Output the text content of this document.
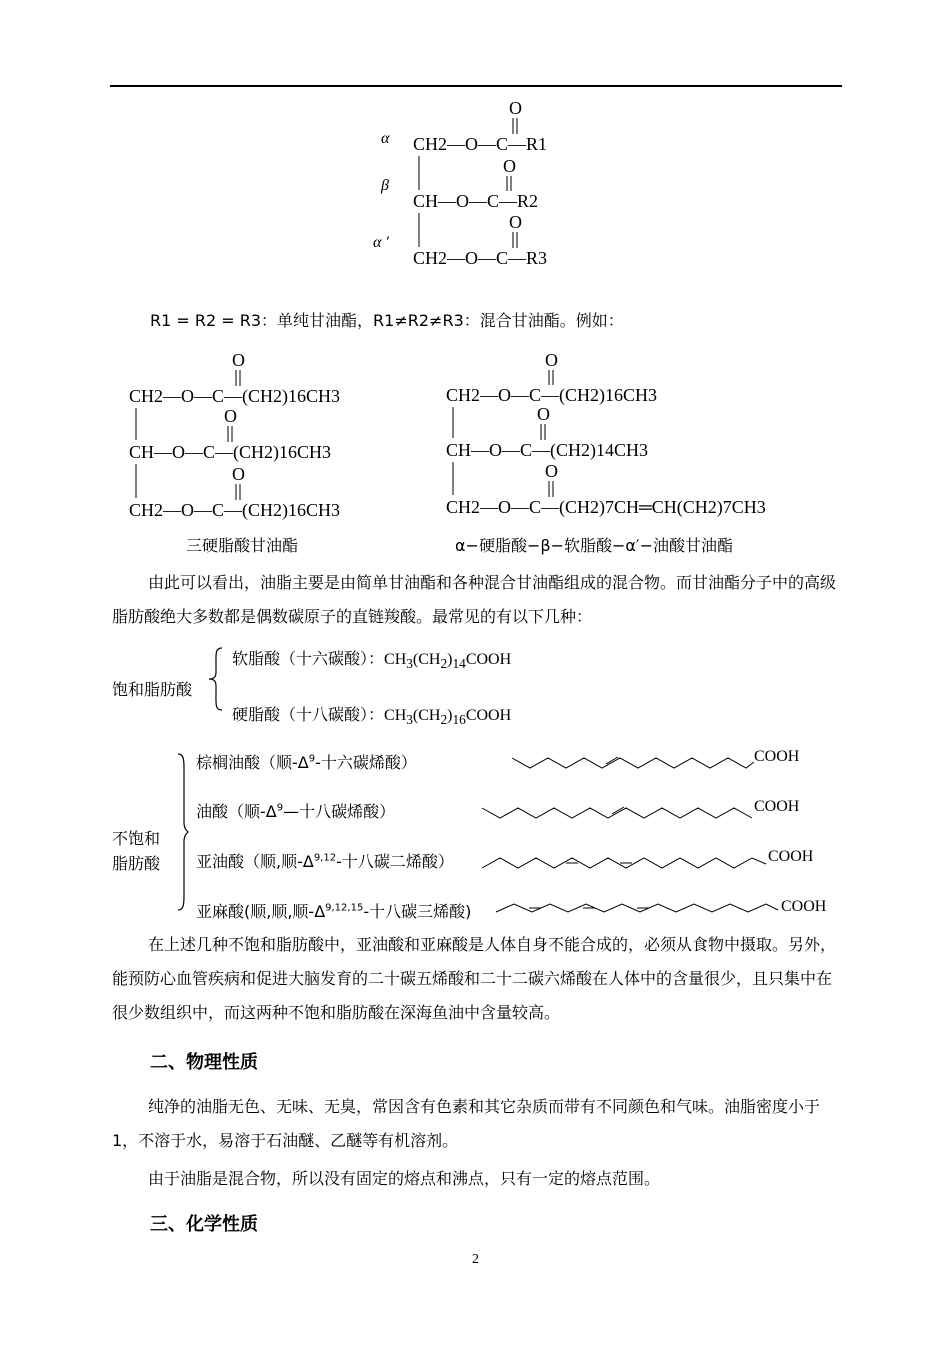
α
β
α ′
O
O
O
CH2—O—C—R1
CH—O—C—R2
CH2—O—C—R3
R1 = R2 = R3：单纯甘油酯，R1≠R2≠R3：混合甘油酯。例如：
O
O
O
CH2—O—C—(CH2)16CH3
CH—O—C—(CH2)16CH3
CH2—O—C—(CH2)16CH3
三硬脂酸甘油酯
O
O
O
CH2—O—C—(CH2)16CH3
CH—O—C—(CH2)14CH3
CH2—O—C—(CH2)7CH═CH(CH2)7CH3
α−硬脂酸−β−软脂酸−α′−油酸甘油酯
由此可以看出，油脂主要是由简单甘油酯和各种混合甘油酯组成的混合物。而甘油酯分子中的高级脂肪酸绝大多数都是偶数碳原子的直链羧酸。最常见的有以下几种：
饱和脂肪酸
软脂酸（十六碳酸）：$CH_3(CH_2)_{14}COOH$
硬脂酸（十八碳酸）：$CH_3(CH_2)_{16}COOH$
不饱和
脂肪酸
棕榈油酸（顺$-\Delta^9-$十六碳烯酸）
油酸（顺$-\Delta^9—$十八碳烯酸）
亚油酸（顺,顺$-\Delta^{9,12}-$十八碳二烯酸）
亚麻酸(顺,顺,顺$-\Delta^{9,12,15}-$十八碳三烯酸)
COOH
COOH
COOH
COOH
在上述几种不饱和脂肪酸中，亚油酸和亚麻酸是人体自身不能合成的，必须从食物中摄取。另外，能预防心血管疾病和促进大脑发育的二十碳五烯酸和二十二碳六烯酸在人体中的含量很少，且只集中在很少数组织中，而这两种不饱和脂肪酸在深海鱼油中含量较高。
二、物理性质
纯净的油脂无色、无味、无臭，常因含有色素和其它杂质而带有不同颜色和气味。油脂密度小于1，不溶于水，易溶于石油醚、乙醚等有机溶剂。
由于油脂是混合物，所以没有固定的熔点和沸点，只有一定的熔点范围。
三、化学性质
2
